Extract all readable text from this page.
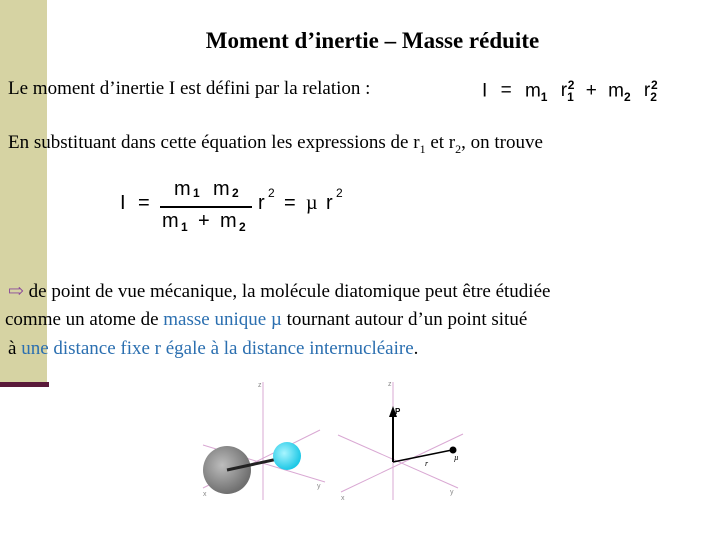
Moment d’inertie – Masse réduite
Le moment d’inertie I est défini par la relation :	$I = m_1$ $r_1^2 + m_2$ $r_2^2$
En substituant dans cette équation les expressions de $r_1$ et $r_2$, on trouve
I =
m 1 m 2
m 1 + m 2
r 2 = µ r 2
⇨ de point de vue mécanique, la molécule diatomique peut être étudiée
comme un atome de masse unique µ tournant autour d’un point situé
à une distance fixe r égale à la distance internucléaire.
z
y
x
z
P
r
µ
y
x
